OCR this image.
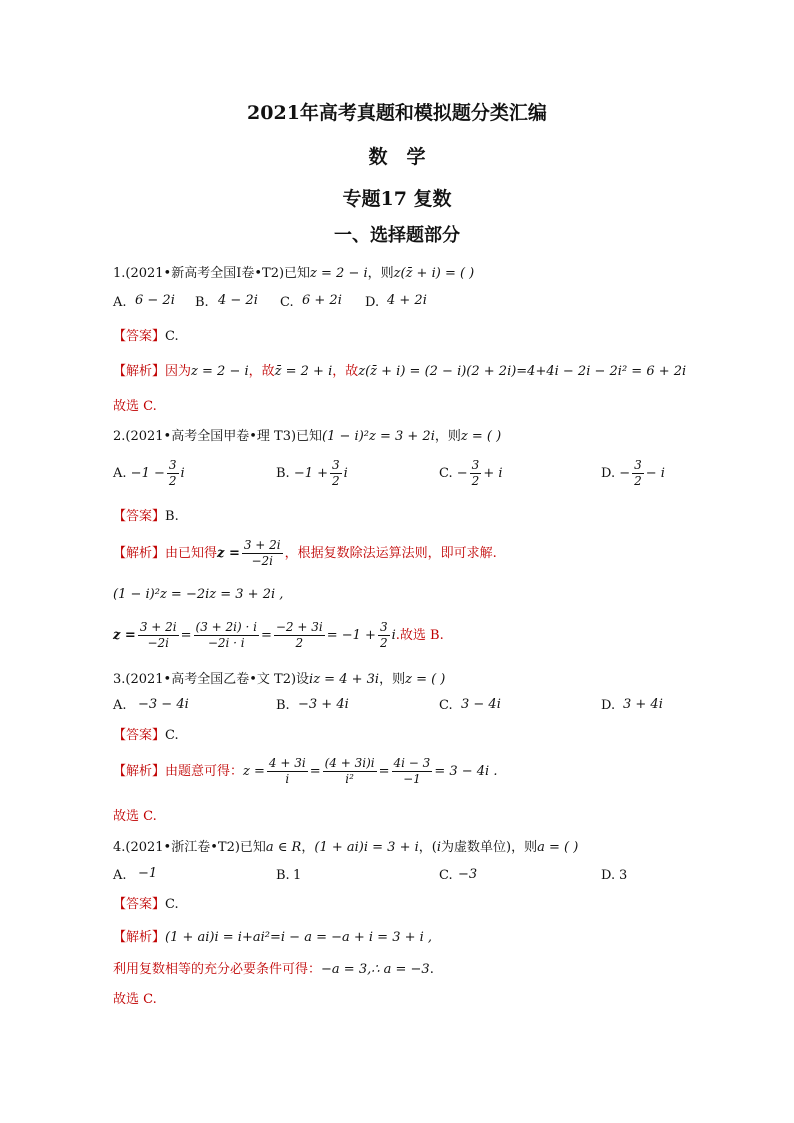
2021年高考真题和模拟题分类汇编
数　学
专题17 复数
一、选择题部分
1.(2021•新高考全国Ⅰ卷•T2)已知z = 2 − i，则z(z̄ + i) = ( )
A. 6 − 2i B. 4 − 2i C. 6 + 2i D. 4 + 2i
【答案】C.
【解析】因为z = 2 − i，故z̄ = 2 + i，故z(z̄ + i) = (2 − i)(2 + 2i)=4+4i − 2i − 2i² = 6 + 2i
故选 C.
2.(2021•高考全国甲卷•理 T3)已知(1 − i)²z = 3 + 2i，则z = ( )
A. $-1 - \frac{3}{2}$ i	B. $-1 + \frac{3}{2}$ i	C. − $\frac{3}{2} + i$	D. − $\frac{3}{2} - i$
【答案】B.
【解析】由已知得$z = \frac{3 + 2i}{-2i}$ ，根据复数除法运算法则，即可求解.
(1 − i)²z = −2iz = 3 + 2i ,
$z = \frac{3 + 2i}{-2i} = \frac{(3 + 2i) \cdot i}{-2i \cdot i} = \frac{-2 + 3i}{2} = -1 + \frac{3}{2} i$.故选 B.
3.(2021•高考全国乙卷•文 T2)设iz = 4 + 3i，则z = ( )
A. −3 − 4i	B. −3 + 4i	C. 3 − 4i	D. 3 + 4i
【答案】C.
【解析】由题意可得：$z = \frac{4 + 3i}{i} = \frac{(4 + 3i)i}{\text{i²}} = \frac{4i - 3}{-1} = 3 - 4i$ .
故选 C.
4.(2021•浙江卷•T2)已知a ∈ R，(1 + ai)i = 3 + i，(i为虚数单位)，则a = ( )
A. −1	B. 1	C. −3	D. 3
【答案】C.
【解析】(1 + ai)i = i+ai²=i − a = −a + i = 3 + i ,
利用复数相等的充分必要条件可得：−a = 3,∴ a = −3.
故选 C.
